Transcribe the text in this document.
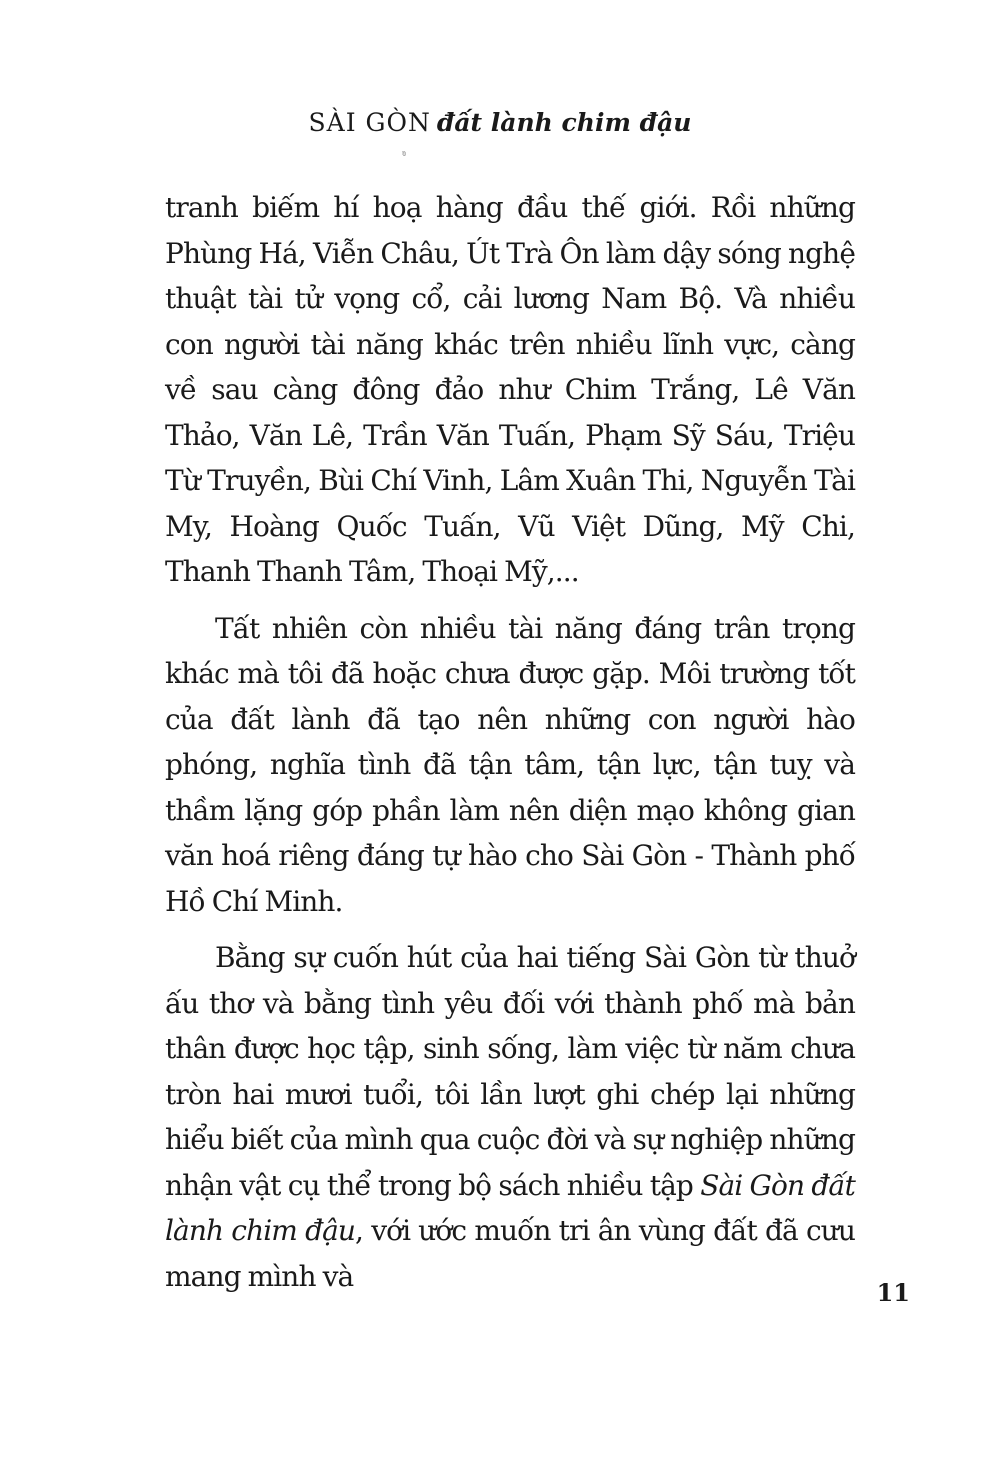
SÀI GÒN đất lành chim đậu
ᵑ

tranh biếm hí hoạ hàng đầu thế giới. Rồi những Phùng Há, Viễn Châu, Út Trà Ôn làm dậy sóng nghệ thuật tài tử vọng cổ, cải lương Nam Bộ. Và nhiều con người tài năng khác trên nhiều lĩnh vực, càng về sau càng đông đảo như Chim Trắng, Lê Văn Thảo, Văn Lê, Trần Văn Tuấn, Phạm Sỹ Sáu, Triệu Từ Truyền, Bùi Chí Vinh, Lâm Xuân Thi, Nguyễn Tài My, Hoàng Quốc Tuấn, Vũ Việt Dũng, Mỹ Chi, Thanh Thanh Tâm, Thoại Mỹ,...

Tất nhiên còn nhiều tài năng đáng trân trọng khác mà tôi đã hoặc chưa được gặp. Môi trường tốt của đất lành đã tạo nên những con người hào phóng, nghĩa tình đã tận tâm, tận lực, tận tuỵ và thầm lặng góp phần làm nên diện mạo không gian văn hoá riêng đáng tự hào cho Sài Gòn - Thành phố Hồ Chí Minh.

Bằng sự cuốn hút của hai tiếng Sài Gòn từ thuở ấu thơ và bằng tình yêu đối với thành phố mà bản thân được học tập, sinh sống, làm việc từ năm chưa tròn hai mươi tuổi, tôi lần lượt ghi chép lại những hiểu biết của mình qua cuộc đời và sự nghiệp những nhận vật cụ thể trong bộ sách nhiều tập Sài Gòn đất lành chim đậu, với ước muốn tri ân vùng đất đã cưu mang mình và	11
